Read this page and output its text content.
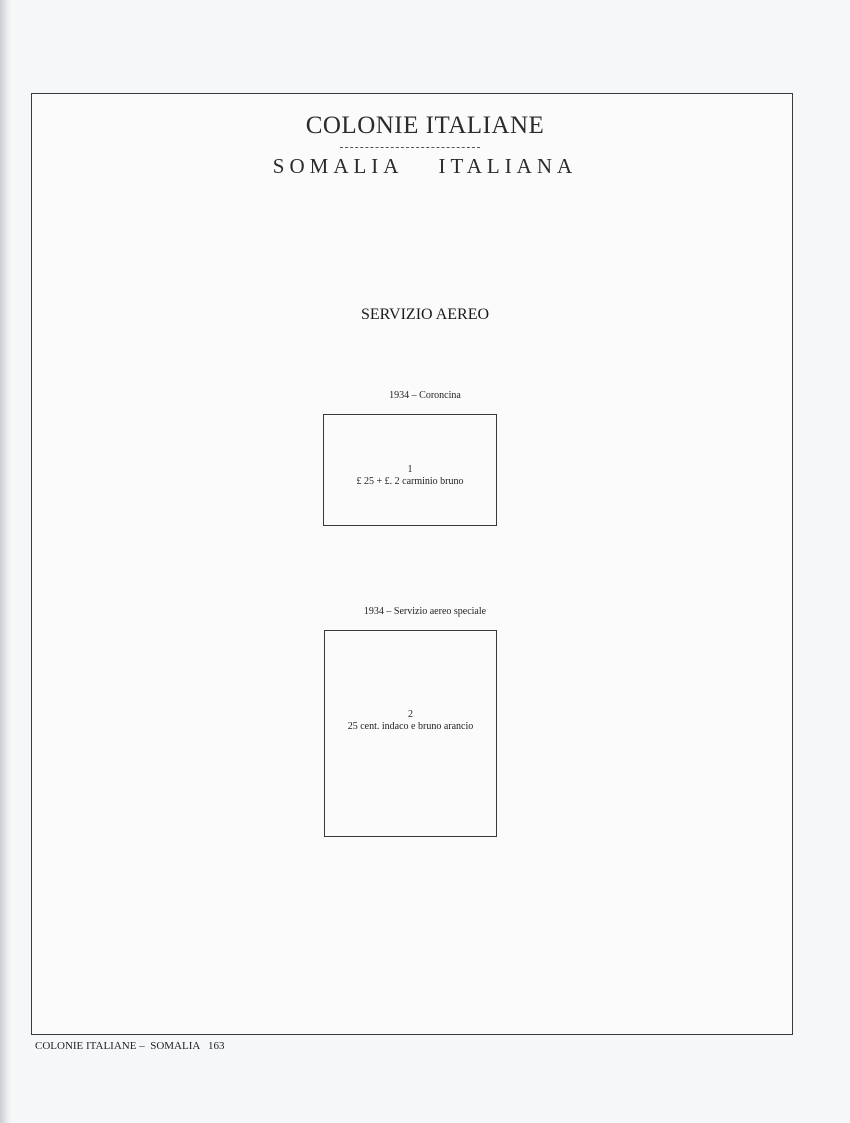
COLONIE ITALIANE
SOMALIA ITALIANA
SERVIZIO AEREO
1934 – Coroncina
1
£ 25 + £. 2 carminio bruno
1934 – Servizio aereo speciale
2
25 cent. indaco e bruno arancio
COLONIE ITALIANE –  SOMALIA   163
